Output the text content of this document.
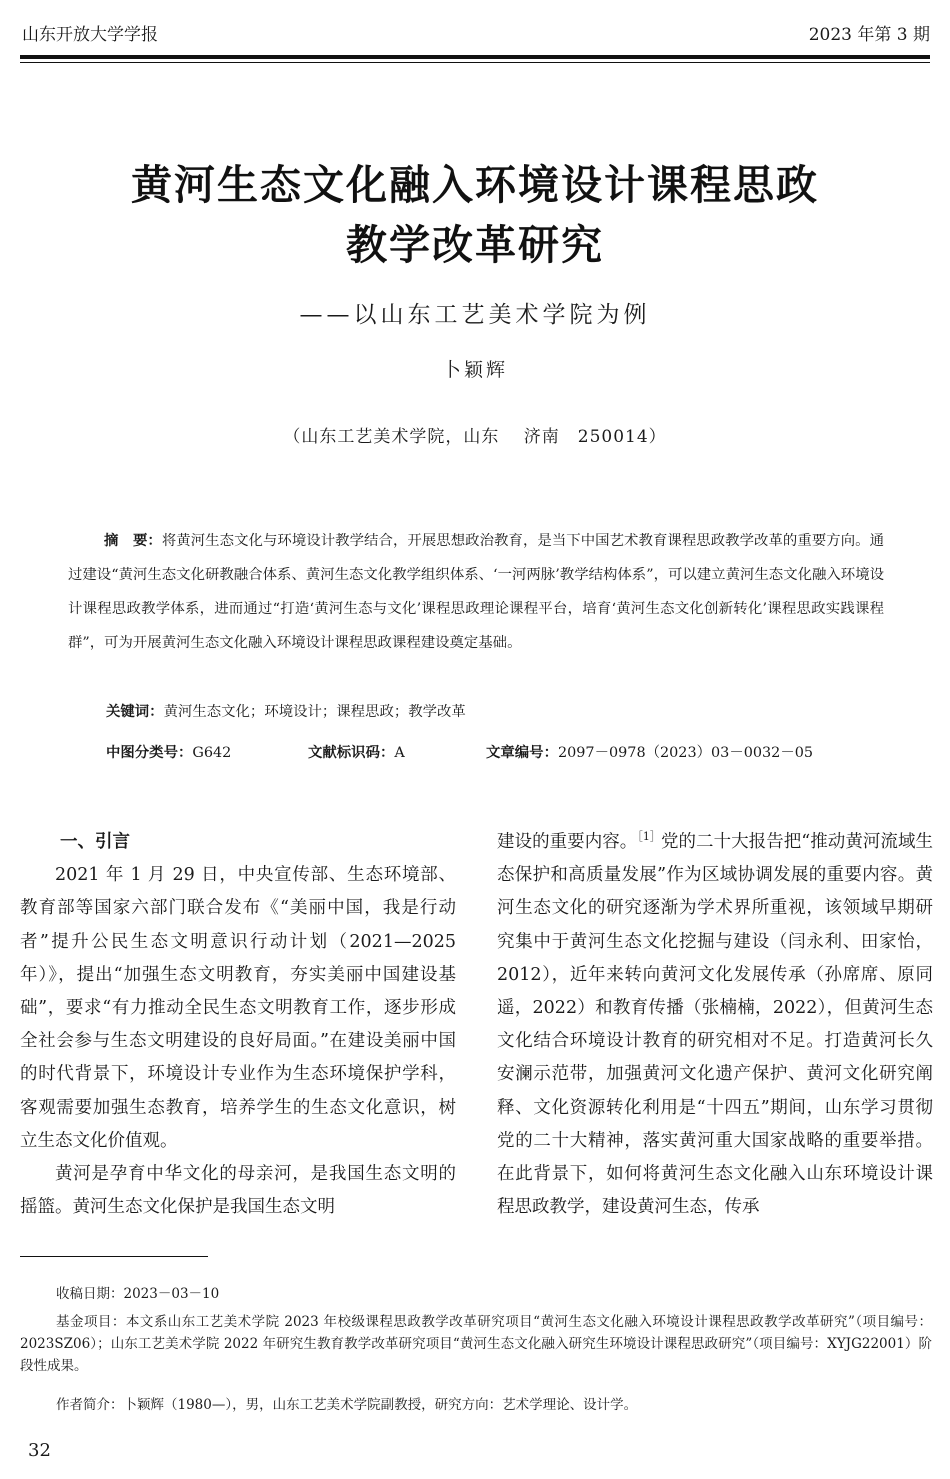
山东开放大学学报	2023 年第 3 期
黄河生态文化融入环境设计课程思政
教学改革研究
——以山东工艺美术学院为例
卜颖辉
（山东工艺美术学院，山东　 济南　250014）
摘　要：将黄河生态文化与环境设计教学结合，开展思想政治教育，是当下中国艺术教育课程思政教学改革的重要方向。通过建设“黄河生态文化研教融合体系、黄河生态文化教学组织体系、‘一河两脉’教学结构体系”，可以建立黄河生态文化融入环境设计课程思政教学体系，进而通过“打造‘黄河生态与文化’课程思政理论课程平台，培育‘黄河生态文化创新转化’课程思政实践课程群”，可为开展黄河生态文化融入环境设计课程思政课程建设奠定基础。
关键词：黄河生态文化；环境设计；课程思政；教学改革
中图分类号：G642	文献标识码：A	文章编号：2097－0978（2023）03－0032－05

一、引言

2021 年 1 月 29 日，中央宣传部、生态环境部、教育部等国家六部门联合发布《“美丽中国，我是行动者”提升公民生态文明意识行动计划（2021—2025 年）》，提出“加强生态文明教育，夯实美丽中国建设基础”，要求“有力推动全民生态文明教育工作，逐步形成全社会参与生态文明建设的良好局面。”在建设美丽中国的时代背景下，环境设计专业作为生态环境保护学科，客观需要加强生态教育，培养学生的生态文化意识，树立生态文化价值观。

黄河是孕育中华文化的母亲河，是我国生态文明的摇篮。黄河生态文化保护是我国生态文明

建设的重要内容。$^{[1]}$党的二十大报告把“推动黄河流域生态保护和高质量发展”作为区域协调发展的重要内容。黄河生态文化的研究逐渐为学术界所重视，该领域早期研究集中于黄河生态文化挖掘与建设（闫永利、田家怡，2012），近年来转向黄河文化发展传承（孙席席、原同遥，2022）和教育传播（张楠楠，2022），但黄河生态文化结合环境设计教育的研究相对不足。打造黄河长久安澜示范带，加强黄河文化遗产保护、黄河文化研究阐释、文化资源转化利用是“十四五”期间，山东学习贯彻党的二十大精神，落实黄河重大国家战略的重要举措。在此背景下，如何将黄河生态文化融入山东环境设计课程思政教学，建设黄河生态，传承

收稿日期：2023－03－10
基金项目：本文系山东工艺美术学院 2023 年校级课程思政教学改革研究项目“黄河生态文化融入环境设计课程思政教学改革研究”（项目编号：2023SZ06）；山东工艺美术学院 2022 年研究生教育教学改革研究项目“黄河生态文化融入研究生环境设计课程思政研究”（项目编号：XYJG22001）阶段性成果。
作者简介：卜颖辉（1980—），男，山东工艺美术学院副教授，研究方向：艺术学理论、设计学。
32
